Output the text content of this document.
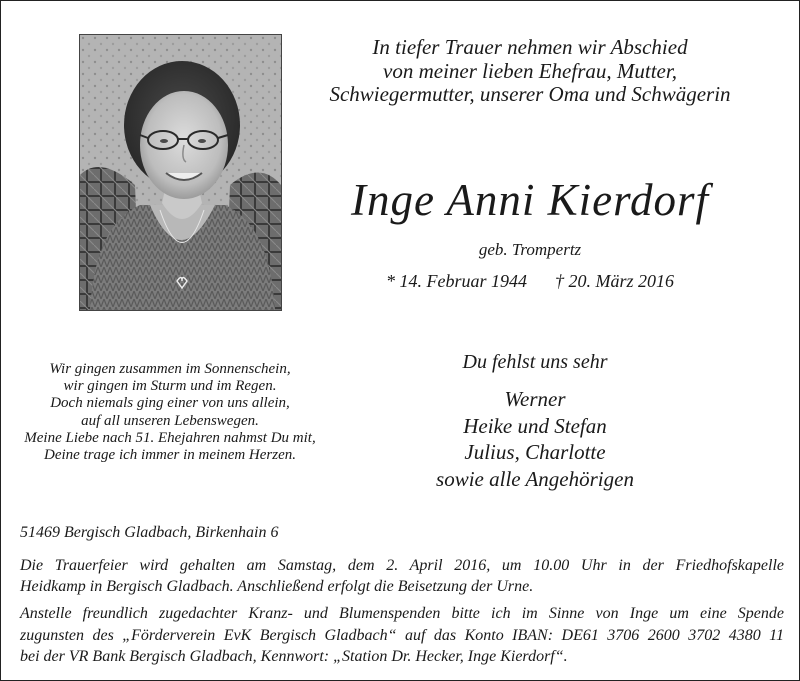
In tiefer Trauer nehmen wir Abschied
von meiner lieben Ehefrau, Mutter,
Schwiegermutter, unserer Oma und Schwägerin
Inge Anni Kierdorf
geb. Trompertz
* 14. Februar 1944 † 20. März 2016
Wir gingen zusammen im Sonnenschein,
wir gingen im Sturm und im Regen.
Doch niemals ging einer von uns allein,
auf all unseren Lebenswegen.
Meine Liebe nach 51. Ehejahren nahmst Du mit,
Deine trage ich immer in meinem Herzen.
Du fehlst uns sehr
Werner
Heike und Stefan
Julius, Charlotte
sowie alle Angehörigen
51469 Bergisch Gladbach, Birkenhain 6
Die Trauerfeier wird gehalten am Samstag, dem 2. April 2016, um 10.00 Uhr in der Friedhofskapelle
Heidkamp in Bergisch Gladbach. Anschließend erfolgt die Beisetzung der Urne.
Anstelle freundlich zugedachter Kranz- und Blumenspenden bitte ich im Sinne von Inge um eine Spende
zugunsten des „Förderverein EvK Bergisch Gladbach“ auf das Konto IBAN: DE61 3706 2600 3702 4380 11
bei der VR Bank Bergisch Gladbach, Kennwort: „Station Dr. Hecker, Inge Kierdorf“.
